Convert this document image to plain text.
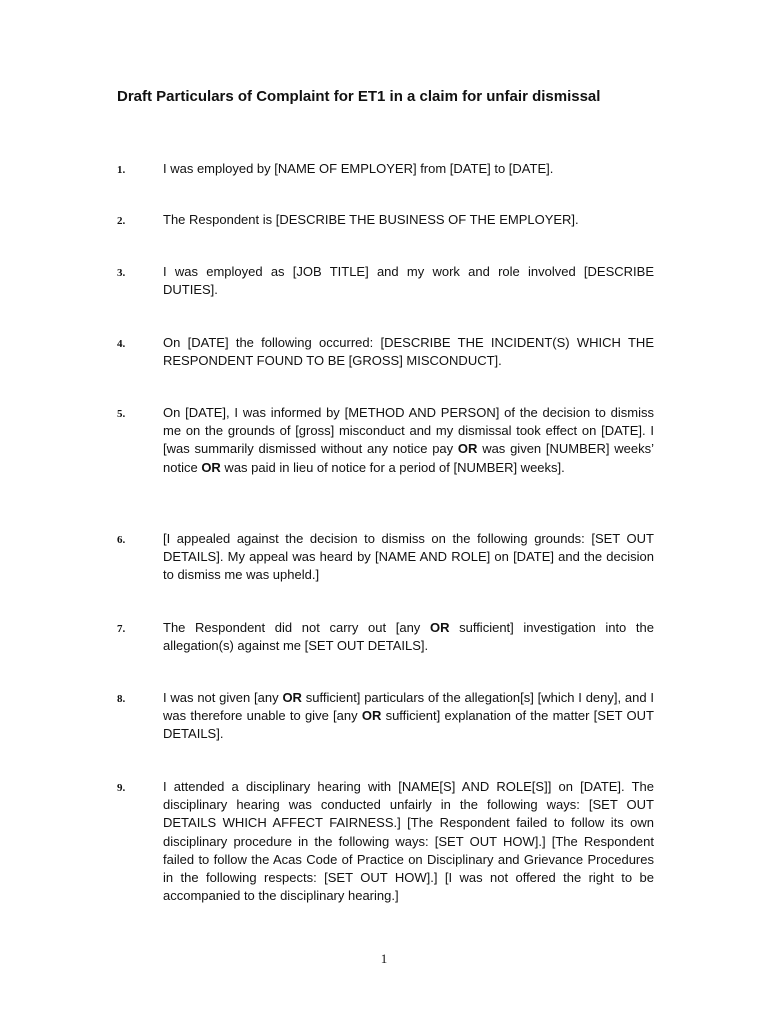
Draft Particulars of Complaint for ET1 in a claim for unfair dismissal
1.	I was employed by [NAME OF EMPLOYER] from [DATE] to [DATE].

2.	The Respondent is [DESCRIBE THE BUSINESS OF THE EMPLOYER].

3.	I was employed as [JOB TITLE] and my work and role involved [DESCRIBE DUTIES].

4.	On [DATE] the following occurred: [DESCRIBE THE INCIDENT(S) WHICH THE RESPONDENT FOUND TO BE [GROSS] MISCONDUCT].

5.	On [DATE], I was informed by [METHOD AND PERSON] of the decision to dismiss me on the grounds of [gross] misconduct and my dismissal took effect on [DATE]. I [was summarily dismissed without any notice pay OR was given [NUMBER] weeks’ notice OR was paid in lieu of notice for a period of [NUMBER] weeks].

6.	[I appealed against the decision to dismiss on the following grounds: [SET OUT DETAILS]. My appeal was heard by [NAME AND ROLE] on [DATE] and the decision to dismiss me was upheld.]

7.	The Respondent did not carry out [any OR sufficient] investigation into the allegation(s) against me [SET OUT DETAILS].

8.	I was not given [any OR sufficient] particulars of the allegation[s] [which I deny], and I was therefore unable to give [any OR sufficient] explanation of the matter [SET OUT DETAILS].

9.	I attended a disciplinary hearing with [NAME[S] AND ROLE[S]] on [DATE]. The disciplinary hearing was conducted unfairly in the following ways: [SET OUT DETAILS WHICH AFFECT FAIRNESS.] [The Respondent failed to follow its own disciplinary procedure in the following ways: [SET OUT HOW].] [The Respondent failed to follow the Acas Code of Practice on Disciplinary and Grievance Procedures in the following respects: [SET OUT HOW].] [I was not offered the right to be accompanied to the disciplinary hearing.]

1
